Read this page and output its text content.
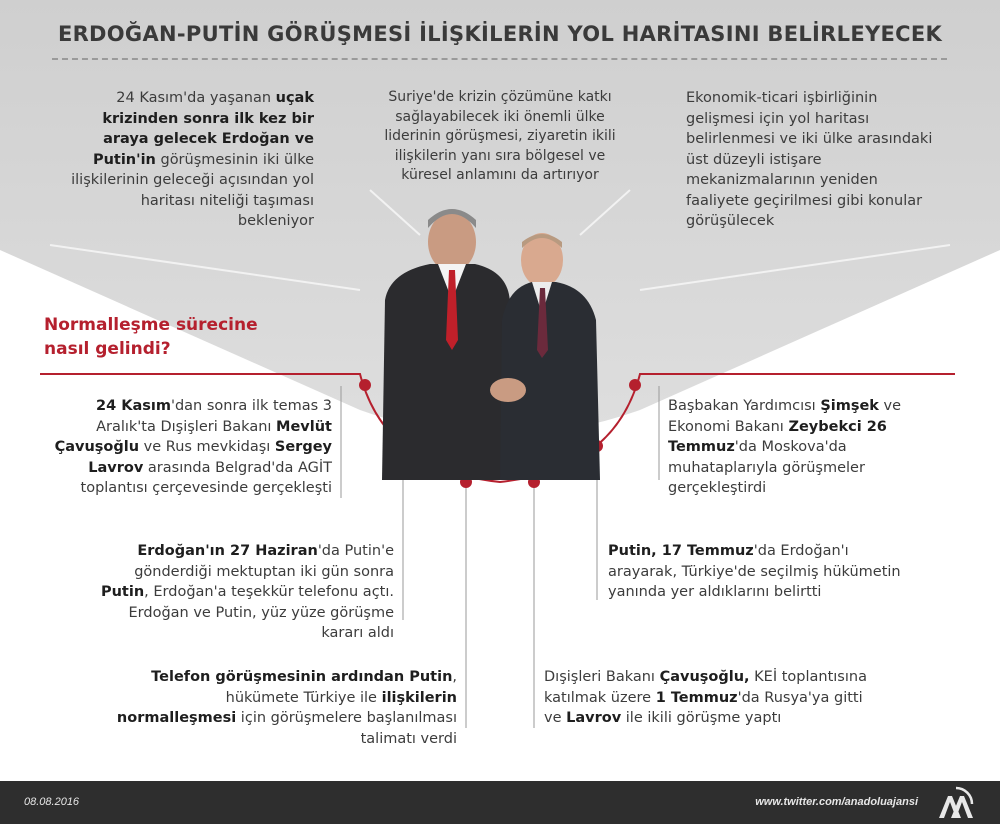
ERDOĞAN-PUTİN GÖRÜŞMESİ İLİŞKİLERİN YOL HARİTASINI BELİRLEYECEK
24 Kasım'da yaşanan uçak krizinden sonra ilk kez bir araya gelecek Erdoğan ve Putin'in görüşmesinin iki ülke ilişkilerinin geleceği açısından yol haritası niteliği taşıması bekleniyor
Suriye'de krizin çözümüne katkı sağlayabilecek iki önemli ülke liderinin görüşmesi, ziyaretin ikili ilişkilerin yanı sıra bölgesel ve küresel anlamını da artırıyor
Ekonomik-ticari işbirliğinin gelişmesi için yol haritası belirlenmesi ve iki ülke arasındaki üst düzeyli istişare mekanizmalarının yeniden faaliyete geçirilmesi gibi konular görüşülecek
Normalleşme sürecine nasıl gelindi?
24 Kasım'dan sonra ilk temas 3 Aralık'ta Dışişleri Bakanı Mevlüt Çavuşoğlu ve Rus mevkidaşı Sergey Lavrov arasında Belgrad'da AGİT toplantısı çerçevesinde gerçekleşti
Erdoğan'ın 27 Haziran'da Putin'e gönderdiği mektuptan iki gün sonra Putin, Erdoğan'a teşekkür telefonu açtı. Erdoğan ve Putin, yüz yüze görüşme kararı aldı
Telefon görüşmesinin ardından Putin, hükümete Türkiye ile ilişkilerin normalleşmesi için görüşmelere başlanılması talimatı verdi
Başbakan Yardımcısı Şimşek ve Ekonomi Bakanı Zeybekci 26 Temmuz'da Moskova'da muhataplarıyla görüşmeler gerçekleştirdi
Putin, 17 Temmuz'da Erdoğan'ı arayarak, Türkiye'de seçilmiş hükümetin yanında yer aldıklarını belirtti
Dışişleri Bakanı Çavuşoğlu, KEİ toplantısına katılmak üzere 1 Temmuz'da Rusya'ya gitti ve Lavrov ile ikili görüşme yaptı
08.08.2016	www.twitter.com/anadoluajansi
